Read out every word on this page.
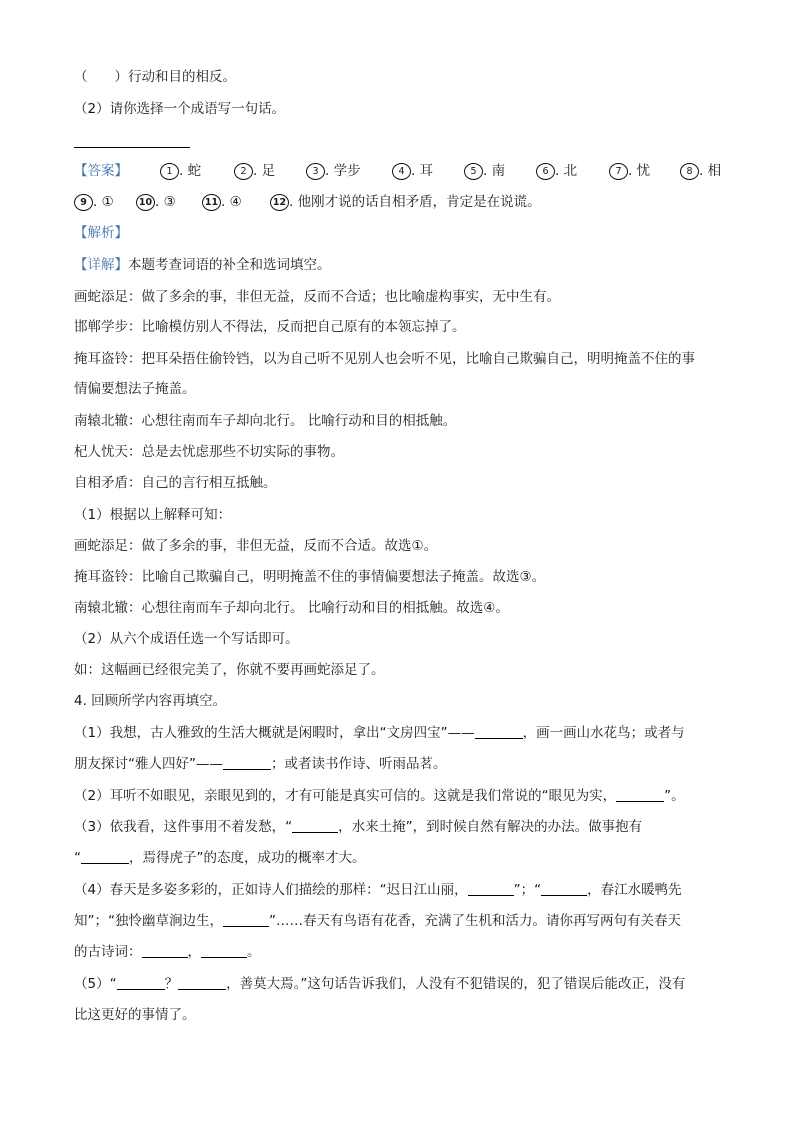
（　　）行动和目的相反。
（2）请你选择一个成语写一句话。
【答案】	1 . 蛇	2 . 足	3 . 学步	4 . 耳	5 . 南	6 . 北	7 . 忧	8 . 相
9 . ①	10 . ③	11 . ④	12 . 他刚才说的话自相矛盾，肯定是在说谎。
【解析】
【详解】本题考查词语的补全和选词填空。
画蛇添足：做了多余的事，非但无益，反而不合适；也比喻虚构事实，无中生有。
邯郸学步：比喻模仿别人不得法，反而把自己原有的本领忘掉了。
掩耳盗铃：把耳朵捂住偷铃铛，以为自己听不见别人也会听不见，比喻自己欺骗自己，明明掩盖不住的事
情偏要想法子掩盖。
南辕北辙：心想往南而车子却向北行。 比喻行动和目的相抵触。
杞人忧天：总是去忧虑那些不切实际的事物。
自相矛盾：自己的言行相互抵触。
（1）根据以上解释可知：
画蛇添足：做了多余的事，非但无益，反而不合适。故选①。
掩耳盗铃：比喻自己欺骗自己，明明掩盖不住的事情偏要想法子掩盖。故选③。
南辕北辙：心想往南而车子却向北行。 比喻行动和目的相抵触。故选④。
（2）从六个成语任选一个写话即可。
如：这幅画已经很完美了，你就不要再画蛇添足了。
4. 回顾所学内容再填空。
（1）我想，古人雅致的生活大概就是闲暇时，拿出“文房四宝”——	，画一画山水花鸟；或者与
朋友探讨“雅人四好”——	；或者读书作诗、听雨品茗。
（2）耳听不如眼见，亲眼见到的，才有可能是真实可信的。这就是我们常说的“眼见为实，	”。
（3）依我看，这件事用不着发愁，“	，水来土掩”，到时候自然有解决的办法。做事抱有
“	，焉得虎子”的态度，成功的概率才大。
（4）春天是多姿多彩的，正如诗人们描绘的那样：“迟日江山丽，	”；“	，春江水暖鸭先
知”；“独怜幽草涧边生，	”……春天有鸟语有花香，充满了生机和活力。请你再写两句有关春天
的古诗词：	，	。
（5）“	？	，善莫大焉。”这句话告诉我们，人没有不犯错误的，犯了错误后能改正，没有
比这更好的事情了。
